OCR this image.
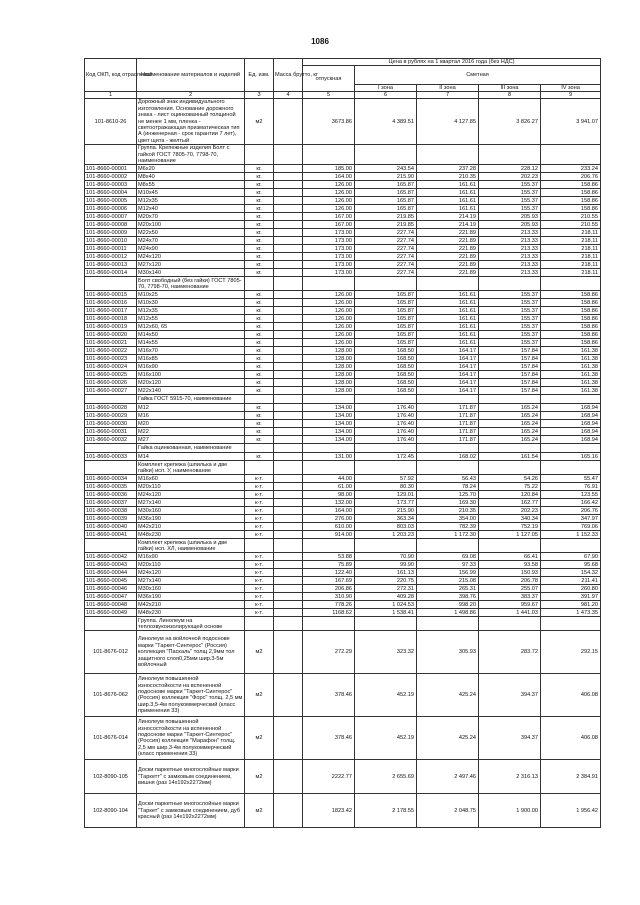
1086
Код ОКП, код отраслевой	Наименование материалов и изделий	Ед. изм.	Масса брутто, кг	Цена в рублях на 1 квартал 2016 года (без НДС)				
				отпускная	Сметная			
					I зона	II зона	III зона	IV зона
1	2	3	4	5	6	7	8	9
101-8610-26	Дорожный знак индивидуального изготовления. Основание дорожного знака - лист оцинкованный толщиной не менее 1 мм, пленка - светоотражающая призматическая тип А (инженерная - срок гарантии 7 лет), цвет щита - желтый	м2		3673.86	4 389.51	4 127.85	3 826.27	3 941.07
	Группа. Крепежные изделия Болт с гайкой ГОСТ 7805-70, 7798-70, наименование							
101-8660-00001	М6х20	кг.		185.00	243.54	237.28	228.12	233.24
101-8660-00002	М8х40	кг.		164.00	215.90	210.35	202.23	206.76
101-8660-00003	М8х55	кг.		126.00	165.87	161.61	155.37	158.86
101-8660-00004	М10х45	кг.		126.00	165.87	161.61	155.37	158.86
101-8660-00005	М12х35	кг.		126.00	165.87	161.61	155.37	158.86
101-8660-00006	М12х40	кг.		126.00	165.87	161.61	155.37	158.86
101-8660-00007	М20х70	кг.		167.00	219.85	214.19	205.93	210.55
101-8660-00008	М20х100	кг.		167.00	219.85	214.19	205.93	210.55
101-8660-00009	М22х50	кг.		173.00	227.74	221.89	213.33	218.11
101-8660-00010	М24х70	кг.		173.00	227.74	221.89	213.33	218.11
101-8660-00011	М24х90	кг.		173.00	227.74	221.89	213.33	218.11
101-8660-00012	М24х120	кг.		173.00	227.74	221.89	213.33	218.11
101-8660-00013	М27х120	кг.		173.00	227.74	221.89	213.33	218.11
101-8660-00014	М30х140	кг.		173.00	227.74	221.89	213.33	218.11
	Болт свободный (без гайки) ГОСТ 7805-70, 7798-70, наименование							
101-8660-00015	М10х25	кг.		126.00	165.87	161.61	155.37	158.86
101-8660-00016	М10х30	кг.		126.00	165.87	161.61	155.37	158.86
101-8660-00017	М12х35	кг.		126.00	165.87	161.61	155.37	158.86
101-8660-00018	М12х55	кг.		126.00	165.87	161.61	155.37	158.86
101-8660-00019	М12х60, 65	кг.		126.00	165.87	161.61	155.37	158.86
101-8660-00020	М14х50	кг.		126.00	165.87	161.61	155.37	158.86
101-8660-00021	М14х55	кг.		126.00	165.87	161.61	155.37	158.86
101-8660-00022	М16х70	кг.		128.00	168.50	164.17	157.84	161.38
101-8660-00023	М16х85	кг.		128.00	168.50	164.17	157.84	161.38
101-8660-00024	М16х90	кг.		128.00	168.50	164.17	157.84	161.38
101-8660-00025	М16х100	кг.		128.00	168.50	164.17	157.84	161.38
101-8660-00026	М20х120	кг.		128.00	168.50	164.17	157.84	161.38
101-8660-00027	М22х140	кг.		128.00	168.50	164.17	157.84	161.38
	Гайка ГОСТ 5915-70, наименование							
101-8660-00028	М12	кг.		134.00	176.40	171.87	165.24	168.94
101-8660-00029	М16	кг.		134.00	176.40	171.87	165.24	168.94
101-8660-00030	М20	кг.		134.00	176.40	171.87	165.24	168.94
101-8660-00031	М22	кг.		134.00	176.40	171.87	165.24	168.94
101-8660-00032	М27	кг.		134.00	176.40	171.87	165.24	168.94
	Гайка оцинкованная, наименование							
101-8660-00033	М14	кг.		131.00	172.45	168.02	161.54	165.16
	Комплект крепежа (шпилька и две гайки) исп. У, наименование							
101-8660-00034	М16х60	к-т.		44.00	57.92	56.43	54.26	55.47
101-8660-00035	М20х110	к-т.		61.00	80.30	78.24	75.22	76.91
101-8660-00036	М24х120	к-т.		98.00	129.01	125.70	120.84	123.55
101-8660-00037	М27х140	к-т.		132.00	173.77	169.30	162.77	166.42
101-8660-00038	М30х160	к-т.		164.00	215.90	210.35	202.23	206.76
101-8660-00039	М36х190	к-т.		276.00	363.34	354.00	340.34	347.97
101-8660-00040	М42х210	к-т.		610.00	803.03	782.39	752.19	769.06
101-8660-00041	М48х230	к-т.		914.00	1 203.23	1 172.30	1 127.05	1 152.33
	Комплект крепежа (шпилька и две гайки) исп. ХЛ, наименование							
101-8660-00042	М16х90	к-т.		53.88	70.90	69.08	66.41	67.90
101-8660-00043	М20х110	к-т.		75.89	99.90	97.33	93.58	95.68
101-8660-00044	М24х120	к-т.		122.40	161.13	156.99	150.93	154.32
101-8660-00045	М27х140	к-т.		167.69	220.75	215.08	206.78	211.41
101-8660-00046	М30х160	к-т.		206.86	272.31	265.31	255.07	260.80
101-8660-00047	М36х190	к-т.		310.90	409.28	398.76	383.37	391.97
101-8660-00048	М42х210	к-т.		778.26	1 024.53	998.20	959.67	981.20
101-8660-00049	М48х230	к-т.		1168.62	1 538.41	1 498.86	1 441.03	1 473.35
	Группа. Линолеум на теплозвукоизолирующей основе							
101-8676-012	Линолеум на войлочной подоснове марки "Таркет-Синтерос" (Россия) коллекция "Паскаль" толщ 2,9мм тол защитного слоя0,25мм шир.3-5м войлочный	м2		272.29	323.32	305.93	283.72	292.15
101-8676-062	Линолеум повышенной износостойкости на вспененной подоснове марки "Таркет-Синтерос" (Россия) коллекция "Форс" толщ. 2,5 мм шир.3,5-4м полукоммерческий (класс применения 33)	м2		378.46	452.19	425.24	394.37	406.08
101-8676-014	Линолеум повышенной износостойкости на вспененной подоснове марки "Таркет-Синтерос" (Россия) коллекция "Марафон" толщ. 2,5 мм шир.3-4м полукоммерческий (класс применения 33)	м2		378.46	452.19	425.24	394.37	406.08
102-8090-105	Доски паркетные многослойные марки "Таркетт" с замковым соединением, вишня (раз 14х192х2272мм)	м2		2222.77	2 655.69	2 497.46	2 316.13	2 384.91
102-8090-104	Доски паркетные многослойные марки "Таркет" с замковым соединением, дуб красный (раз 14х192х2272мм)	м2		1823.42	2 178.55	2 048.75	1 900.00	1 956.42
